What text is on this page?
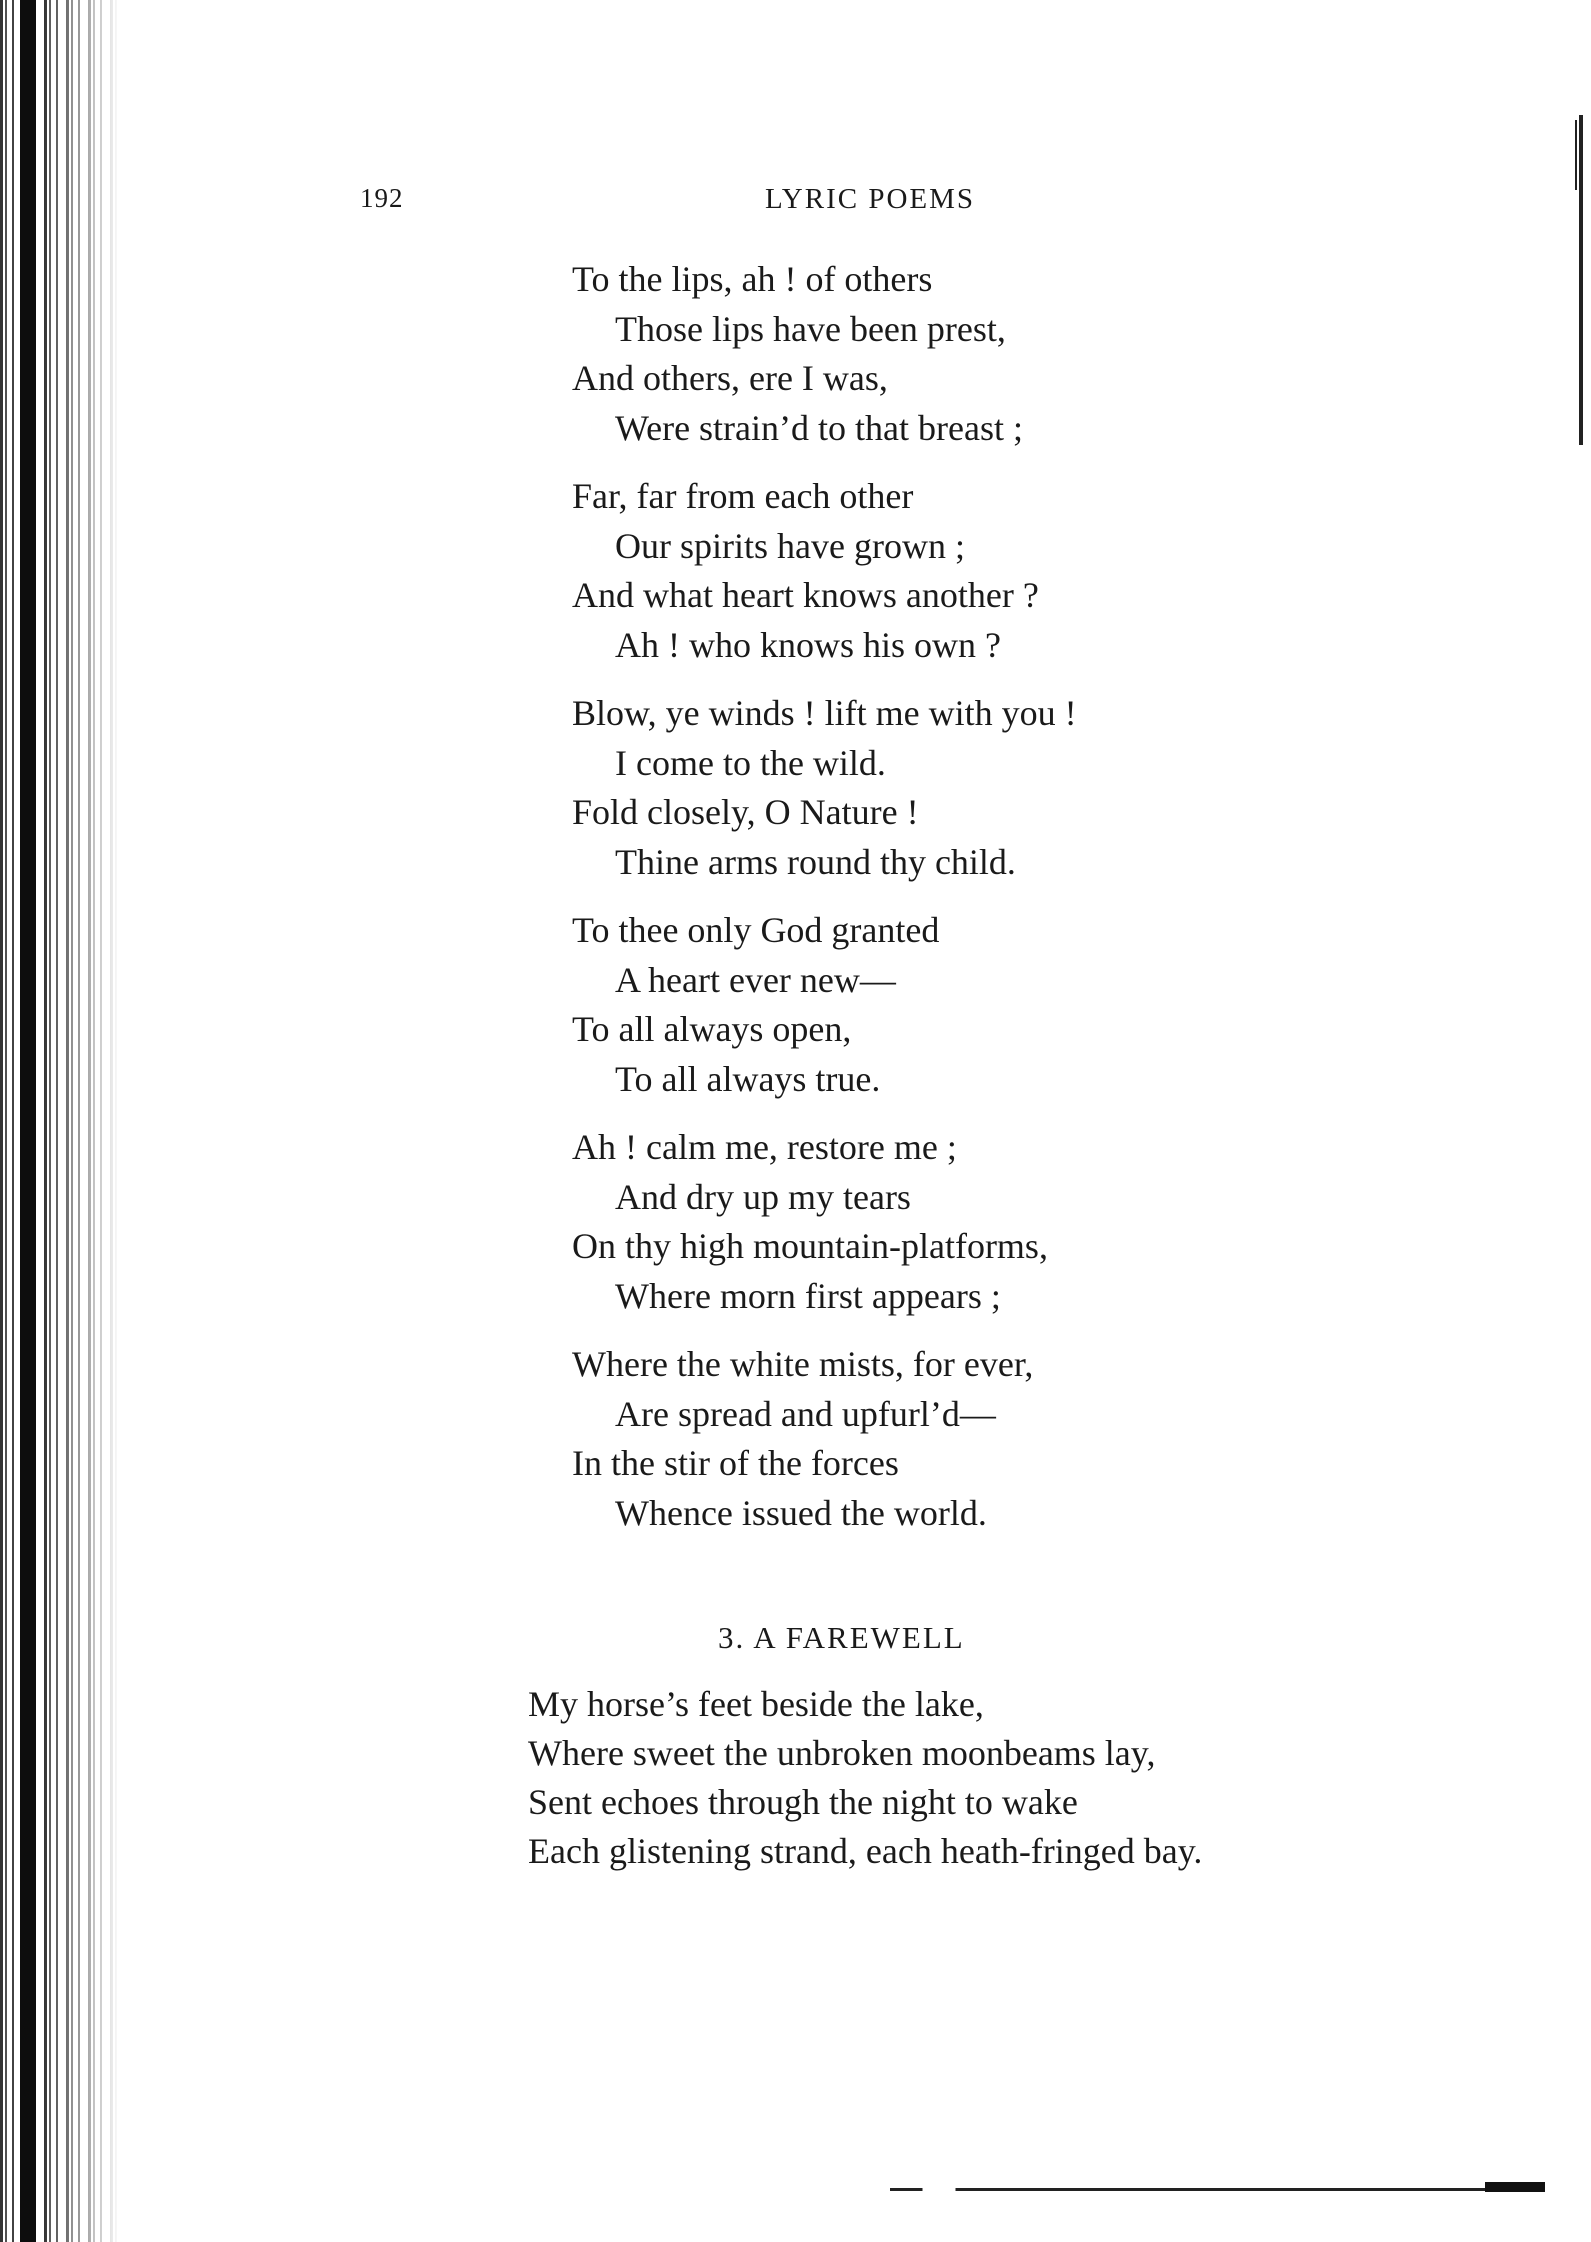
192	LYRIC POEMS
To the lips, ah ! of others
Those lips have been prest,
And others, ere I was,
Were strain’d to that breast ;
Far, far from each other
Our spirits have grown ;
And what heart knows another ?
Ah ! who knows his own ?
Blow, ye winds ! lift me with you !
I come to the wild.
Fold closely, O Nature !
Thine arms round thy child.
To thee only God granted
A heart ever new—
To all always open,
To all always true.
Ah ! calm me, restore me ;
And dry up my tears
On thy high mountain-platforms,
Where morn first appears ;
Where the white mists, for ever,
Are spread and upfurl’d—
In the stir of the forces
Whence issued the world.
3. A FAREWELL
My horse’s feet beside the lake,
Where sweet the unbroken moonbeams lay,
Sent echoes through the night to wake
Each glistening strand, each heath-fringed bay.
